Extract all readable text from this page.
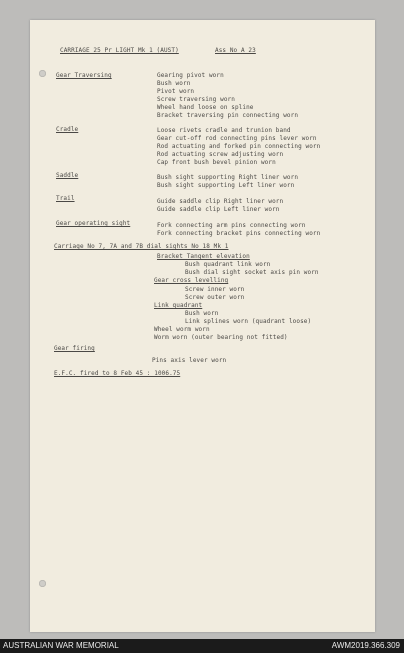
CARRIAGE 25 Pr LIGHT Mk 1 (AUST)	Ass No A 23
Gear Traversing	Gearing pivot worn
Bush worn
Pivot worn
Screw traversing worn
Wheel hand loose on spline
Bracket traversing pin connecting worn
Cradle	Loose rivets cradle and trunion band
Gear cut-off rod connecting pins lever worn
Rod actuating and forked pin connecting worn
Rod actuating screw adjusting worn
Cap front bush bevel pinion worn
Saddle	Bush sight supporting Right liner worn
Bush sight supporting Left liner worn
Trail	Guide saddle clip Right liner worn
Guide saddle clip Left liner worn
Gear operating sight	Fork connecting arm pins connecting worn
Fork connecting bracket pins connecting worn
Carriage No 7, 7A and 7B dial sights No 18 Mk 1
Bracket Tangent elevation
Bush quadrant link worn
Bush dial sight socket axis pin worn
Gear cross levelling
Screw inner worn
Screw outer worn
Link quadrant
Bush worn
Link splines worn (quadrant loose)
Wheel worm worn
Worm worn (outer bearing not fitted)
Gear firing
Pins axis lever worn
E.F.C. fired to 8 Feb 45 : 1006.75
AUSTRALIAN WAR MEMORIAL	AWM2019.366.309
